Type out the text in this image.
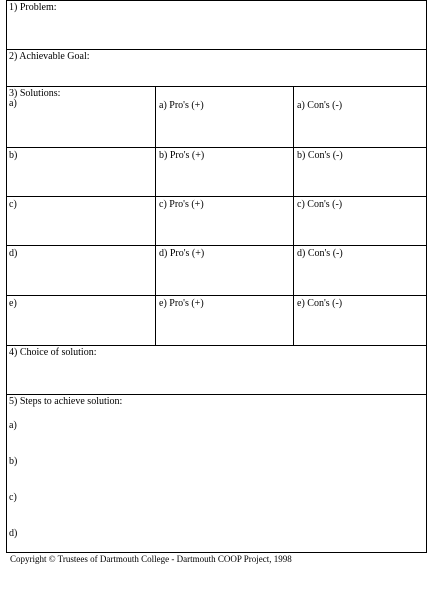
1) Problem:
2) Achievable Goal:
3) Solutions:
a)	a) Pro's (+)	a) Con's (-)
b)	b) Pro's (+)	b) Con's (-)
c)	c) Pro's (+)	c) Con's (-)
d)	d) Pro's (+)	d) Con's (-)
e)	e) Pro's (+)	e) Con's (-)
4) Choice of solution:
5) Steps to achieve solution:
a)
b)
c)
d)
Copyright © Trustees of Dartmouth College - Dartmouth COOP Project, 1998
